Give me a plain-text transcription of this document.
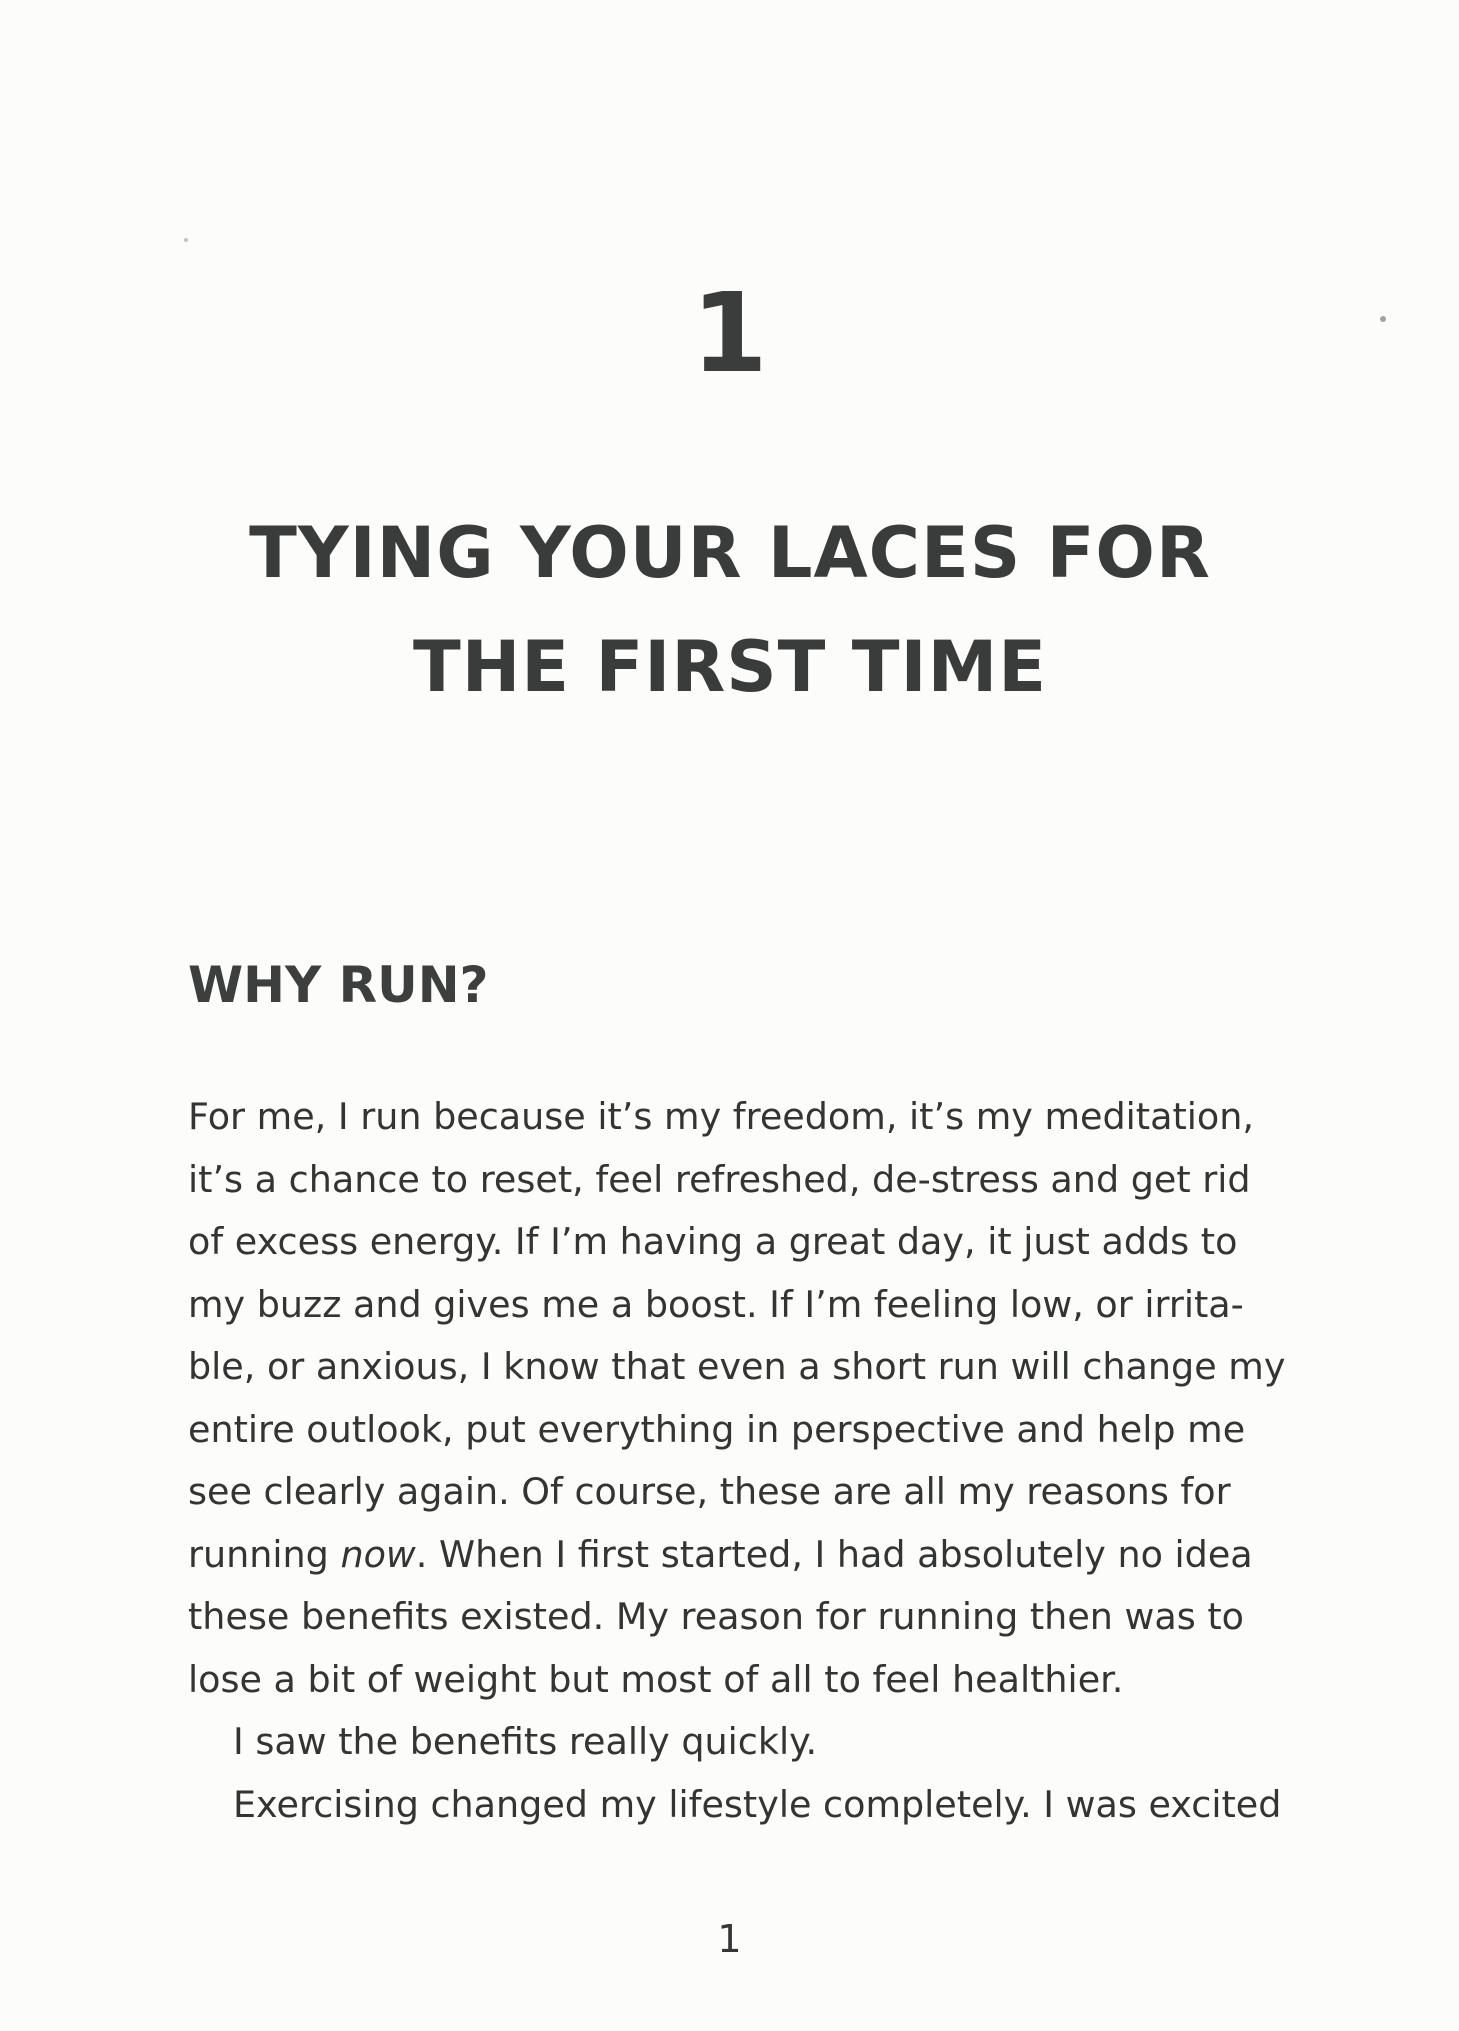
1
TYING YOUR LACES FOR
THE FIRST TIME
WHY RUN?
For me, I run because it’s my freedom, it’s my meditation,
it’s a chance to reset, feel refreshed, de-stress and get rid
of excess energy. If I’m having a great day, it just adds to
my buzz and gives me a boost. If I’m feeling low, or irrita-
ble, or anxious, I know that even a short run will change my
entire outlook, put everything in perspective and help me
see clearly again. Of course, these are all my reasons for
running now. When I first started, I had absolutely no idea
these benefits existed. My reason for running then was to
lose a bit of weight but most of all to feel healthier.
I saw the benefits really quickly.
Exercising changed my lifestyle completely. I was excited
1
